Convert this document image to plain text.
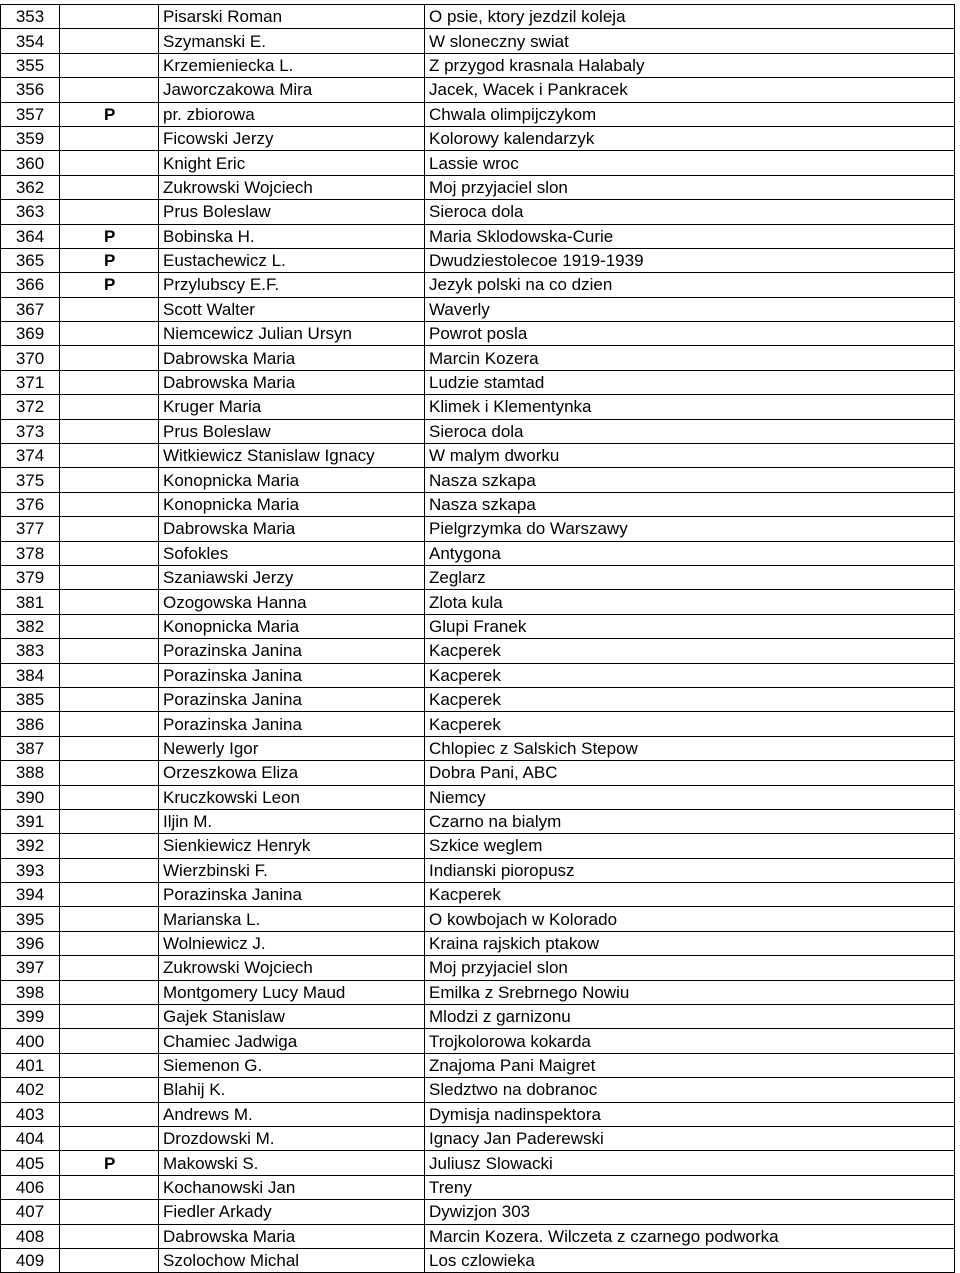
353		Pisarski Roman	O psie, ktory jezdzil koleja
354		Szymanski E.	W sloneczny swiat
355		Krzemieniecka L.	Z przygod krasnala Halabaly
356		Jaworczakowa Mira	Jacek, Wacek i Pankracek
357	P	pr. zbiorowa	Chwala olimpijczykom
359		Ficowski Jerzy	Kolorowy kalendarzyk
360		Knight Eric	Lassie wroc
362		Zukrowski Wojciech	Moj przyjaciel slon
363		Prus Boleslaw	Sieroca dola
364	P	Bobinska H.	Maria Sklodowska-Curie
365	P	Eustachewicz L.	Dwudziestolecoe 1919-1939
366	P	Przylubscy E.F.	Jezyk polski na co dzien
367		Scott Walter	Waverly
369		Niemcewicz Julian Ursyn	Powrot posla
370		Dabrowska Maria	Marcin Kozera
371		Dabrowska Maria	Ludzie stamtad
372		Kruger Maria	Klimek i Klementynka
373		Prus Boleslaw	Sieroca dola
374		Witkiewicz Stanislaw Ignacy	W malym dworku
375		Konopnicka Maria	Nasza szkapa
376		Konopnicka Maria	Nasza szkapa
377		Dabrowska Maria	Pielgrzymka do Warszawy
378		Sofokles	Antygona
379		Szaniawski Jerzy	Zeglarz
381		Ozogowska Hanna	Zlota kula
382		Konopnicka Maria	Glupi Franek
383		Porazinska Janina	Kacperek
384		Porazinska Janina	Kacperek
385		Porazinska Janina	Kacperek
386		Porazinska Janina	Kacperek
387		Newerly Igor	Chlopiec z Salskich Stepow
388		Orzeszkowa Eliza	Dobra Pani, ABC
390		Kruczkowski Leon	Niemcy
391		Iljin M.	Czarno na bialym
392		Sienkiewicz Henryk	Szkice weglem
393		Wierzbinski F.	Indianski pioropusz
394		Porazinska Janina	Kacperek
395		Marianska L.	O kowbojach w Kolorado
396		Wolniewicz J.	Kraina rajskich ptakow
397		Zukrowski Wojciech	Moj przyjaciel slon
398		Montgomery Lucy Maud	Emilka z Srebrnego Nowiu
399		Gajek Stanislaw	Mlodzi z garnizonu
400		Chamiec Jadwiga	Trojkolorowa kokarda
401		Siemenon G.	Znajoma Pani Maigret
402		Blahij K.	Sledztwo na dobranoc
403		Andrews M.	Dymisja nadinspektora
404		Drozdowski M.	Ignacy Jan Paderewski
405	P	Makowski S.	Juliusz Slowacki
406		Kochanowski Jan	Treny
407		Fiedler Arkady	Dywizjon 303
408		Dabrowska Maria	Marcin Kozera. Wilczeta z czarnego podworka
409		Szolochow Michal	Los czlowieka
